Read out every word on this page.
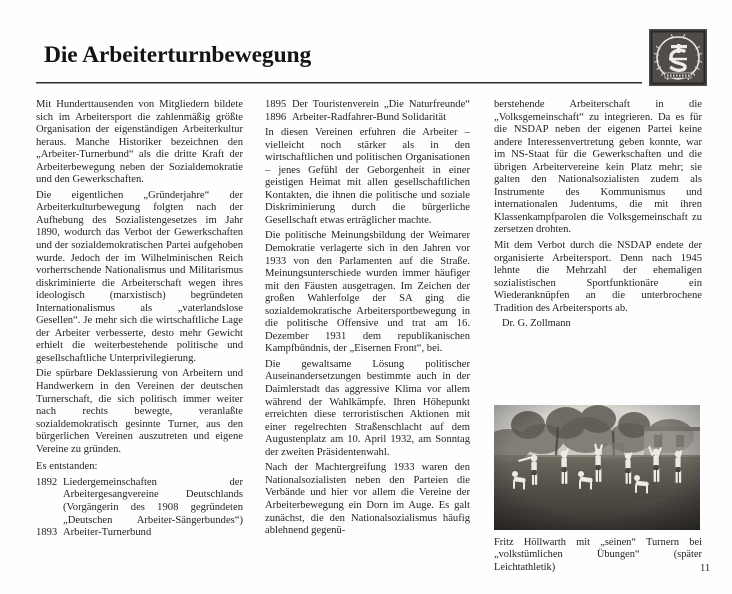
Die Arbeiterturnbewegung

Mit Hunderttausenden von Mitgliedern bildete sich im Arbeitersport die zahlenmäßig größte Organisation der eigenständigen Arbeiterkultur heraus. Manche Historiker bezeichnen den „Arbeiter-Turnerbund“ als die dritte Kraft der Arbeiterbewegung neben der Sozialdemokratie und den Gewerkschaften.

Die eigentlichen „Gründerjahre“ der Arbeiterkulturbewegung folgten nach der Aufhebung des Sozialistengesetzes im Jahr 1890, wodurch das Verbot der Gewerkschaften und der sozialdemokratischen Partei aufgehoben wurde. Jedoch der im Wilhelminischen Reich vorherrschende Nationalismus und Militarismus diskriminierte die Arbeiterschaft wegen ihres ideologisch (marxistisch) begründeten Internationalismus als „vaterlandslose Gesellen“. Je mehr sich die wirtschaftliche Lage der Arbeiter verbesserte, desto mehr Gewicht erhielt die weiterbestehende politische und gesellschaftliche Unterprivilegierung.

Die spürbare Deklassierung von Arbeitern und Handwerkern in den Vereinen der deutschen Turnerschaft, die sich politisch immer weiter nach rechts bewegte, veranlaßte sozialdemokratisch gesinnte Turner, aus den bürgerlichen Vereinen auszutreten und eigene Vereine zu gründen.

Es entstanden:

1892 Liedergemeinschaften der Arbeitergesangvereine Deutschlands (Vorgängerin des 1908 gegründeten „Deutschen Arbeiter-Sängerbundes“)
1893 Arbeiter-Turnerbund
1895 Der Touristenverein „Die Naturfreunde“
1896 Arbeiter-Radfahrer-Bund Solidarität

In diesen Vereinen erfuhren die Arbeiter – vielleicht noch stärker als in den wirtschaftlichen und politischen Organisationen – jenes Gefühl der Geborgenheit in einer geistigen Heimat mit allen gesellschaftlichen Kontakten, die ihnen die politische und soziale Diskriminierung durch die bürgerliche Gesellschaft etwas erträglicher machte.

Die politische Meinungsbildung der Weimarer Demokratie verlagerte sich in den Jahren vor 1933 von den Parlamenten auf die Straße. Meinungsunterschiede wurden immer häufiger mit den Fäusten ausgetragen. Im Zeichen der großen Wahlerfolge der SA ging die sozialdemokratische Arbeitersportbewegung in die politische Offensive und trat am 16. Dezember 1931 dem republikanischen Kampfbündnis, der „Eisernen Front“, bei.

Die gewaltsame Lösung politischer Auseinandersetzungen bestimmte auch in der Daimlerstadt das aggressive Klima vor allem während der Wahlkämpfe. Ihren Höhepunkt erreichten diese terroristischen Aktionen mit einer regelrechten Straßenschlacht auf dem Augustenplatz am 10. April 1932, am Sonntag der zweiten Präsidentenwahl.

Nach der Machtergreifung 1933 waren den Nationalsozialisten neben den Parteien die Verbände und hier vor allem die Vereine der Arbeiterbewegung ein Dorn im Auge. Es galt zunächst, die den Nationalsozialismus häufig ablehnend gegenü-

berstehende Arbeiterschaft in die „Volksgemeinschaft“ zu integrieren. Da es für die NSDAP neben der eigenen Partei keine andere Interessenvertretung geben konnte, war im NS-Staat für die Gewerkschaften und die übrigen Arbeitervereine kein Platz mehr; sie galten den Nationalsozialisten zudem als Instrumente des Kommunismus und internationalen Judentums, die mit ihren Klassenkampfparolen die Volksgemeinschaft zu zersetzen drohten.

Mit dem Verbot durch die NSDAP endete der organisierte Arbeitersport. Denn nach 1945 lehnte die Mehrzahl der ehemaligen sozialistischen Sportfunktionäre ein Wiederanknüpfen an die unterbrochene Tradition des Arbeitersports ab.

Dr. G. Zollmann

Fritz Höllwarth mit „seinen“ Turnern bei „volkstümlichen Übungen“ (später Leichtathletik)	11
